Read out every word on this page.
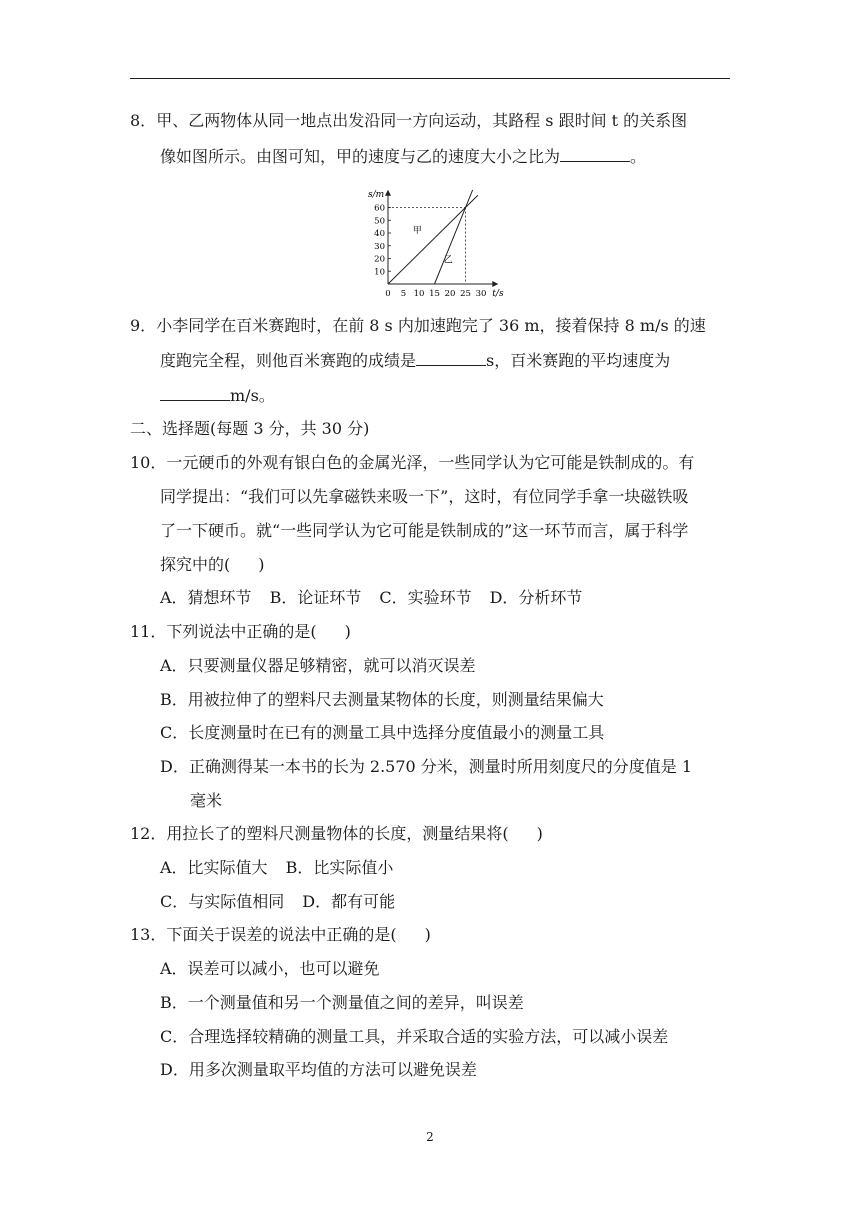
8．甲、乙两物体从同一地点出发沿同一方向运动，其路程 s 跟时间 t 的关系图
像如图所示。由图可知，甲的速度与乙的速度大小之比为	。
s/m
t/s
0 5 10 15 20 25 30
10
20
30
40
50
60
甲
乙
9．小李同学在百米赛跑时，在前 8 s 内加速跑完了 36 m，接着保持 8 m/s 的速
度跑完全程，则他百米赛跑的成绩是	s，百米赛跑的平均速度为
m/s。
二、选择题(每题 3 分，共 30 分)
10．一元硬币的外观有银白色的金属光泽，一些同学认为它可能是铁制成的。有
同学提出：“我们可以先拿磁铁来吸一下”，这时，有位同学手拿一块磁铁吸
了一下硬币。就“一些同学认为它可能是铁制成的”这一环节而言，属于科学
探究中的( )
A．猜想环节 B．论证环节 C．实验环节 D．分析环节
11．下列说法中正确的是( )
A．只要测量仪器足够精密，就可以消灭误差
B．用被拉伸了的塑料尺去测量某物体的长度，则测量结果偏大
C．长度测量时在已有的测量工具中选择分度值最小的测量工具
D．正确测得某一本书的长为 2.570 分米，测量时所用刻度尺的分度值是 1
毫米
12．用拉长了的塑料尺测量物体的长度，测量结果将( )
A．比实际值大 B．比实际值小
C．与实际值相同 D．都有可能
13．下面关于误差的说法中正确的是( )
A．误差可以减小，也可以避免
B．一个测量值和另一个测量值之间的差异，叫误差
C．合理选择较精确的测量工具，并采取合适的实验方法，可以减小误差
D．用多次测量取平均值的方法可以避免误差
2
